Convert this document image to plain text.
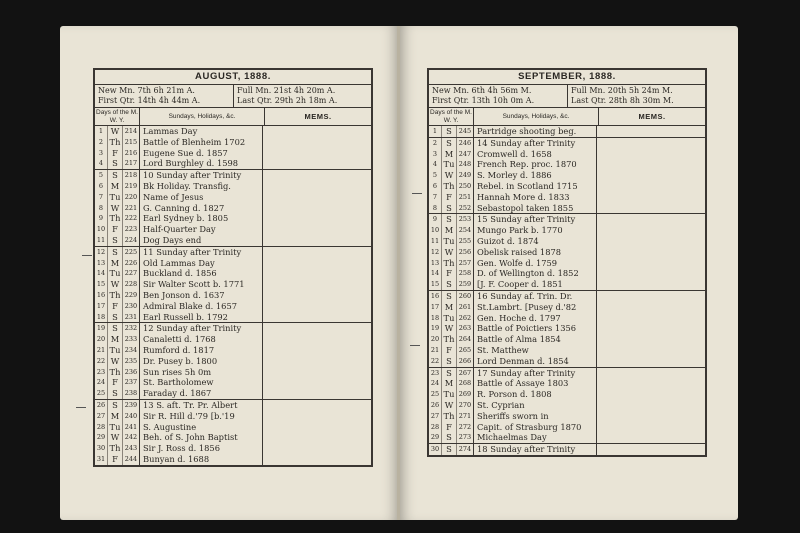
AUGUST, 1888.
New Mn. 7th 6h 21m A.
First Qtr. 14th 4h 44m A.
Full Mn. 21st 4h 20m A.
Last Qtr. 29th 2h 18m A.
Days of the M. W. Y.
Sundays, Holidays, &c.	MEMS.
1 W 214 Lammas Day
2 Th 215 Battle of Blenheim 1702
3	F	216 Eugene Sue d. 1857
4	S	217 Lord Burghley d. 1598
5	S	218 10 Sunday after Trinity
6 M 219 Bk Holiday. Transfig.
7 Tu 220 Name of Jesus
8 W 221 G. Canning d. 1827
9 Th 222 Earl Sydney b. 1805
10 F	223 Half-Quarter Day
11 S	224 Dog Days end
12 S	225 11 Sunday after Trinity
13 M 226 Old Lammas Day
14 Tu 227 Buckland d. 1856
15 W 228 Sir Walter Scott b. 1771
16 Th 229 Ben Jonson d. 1637
17 F	230 Admiral Blake d. 1657
18 S	231 Earl Russell b. 1792
19 S	232 12 Sunday after Trinity
20 M 233 Canaletti d. 1768
21 Tu 234 Rumford d. 1817
22 W 235 Dr. Pusey b. 1800
23 Th 236 Sun rises 5h 0m
24 F	237 St. Bartholomew
25 S	238 Faraday d. 1867
26 S	239 13 S. aft. Tr. Pr. Albert
27 M 240 Sir R. Hill d.'79 [b.'19
28 Tu 241 S. Augustine
29 W 242 Beh. of S. John Baptist
30 Th 243 Sir J. Ross d. 1856
31 F	244 Bunyan d. 1688
SEPTEMBER, 1888.
New Mn. 6th 4h 56m M.
First Qtr. 13th 10h 0m A.
Full Mn. 20th 5h 24m M.
Last Qtr. 28th 8h 30m M.
Days of the M. W. Y.
Sundays, Holidays, &c.	MEMS.
1	S	245 Partridge shooting beg.
2	S	246 14 Sunday after Trinity
3 M 247 Cromwell d. 1658
4 Tu 248 French Rep. proc. 1870
5 W 249 S. Morley d. 1886
6 Th 250 Rebel. in Scotland 1715
7	F	251 Hannah More d. 1833
8	S	252 Sebastopol taken 1855
9	S	253 15 Sunday after Trinity
10 M 254 Mungo Park b. 1770
11 Tu 255 Guizot d. 1874
12 W 256 Obelisk raised 1878
13 Th 257 Gen. Wolfe d. 1759
14 F	258 D. of Wellington d. 1852
15 S	259 [J. F. Cooper d. 1851
16 S	260 16 Sunday af. Trin. Dr.
17 M 261 St.Lambrt. [Pusey d.'82
18 Tu 262 Gen. Hoche d. 1797
19 W 263 Battle of Poictiers 1356
20 Th 264 Battle of Alma 1854
21 F	265 St. Matthew
22 S	266 Lord Denman d. 1854
23 S	267 17 Sunday after Trinity
24 M 268 Battle of Assaye 1803
25 Tu 269 R. Porson d. 1808
26 W 270 St. Cyprian
27 Th 271 Sheriffs sworn in
28 F	272 Capit. of Strasburg 1870
29 S	273 Michaelmas Day
30 S	274 18 Sunday after Trinity
